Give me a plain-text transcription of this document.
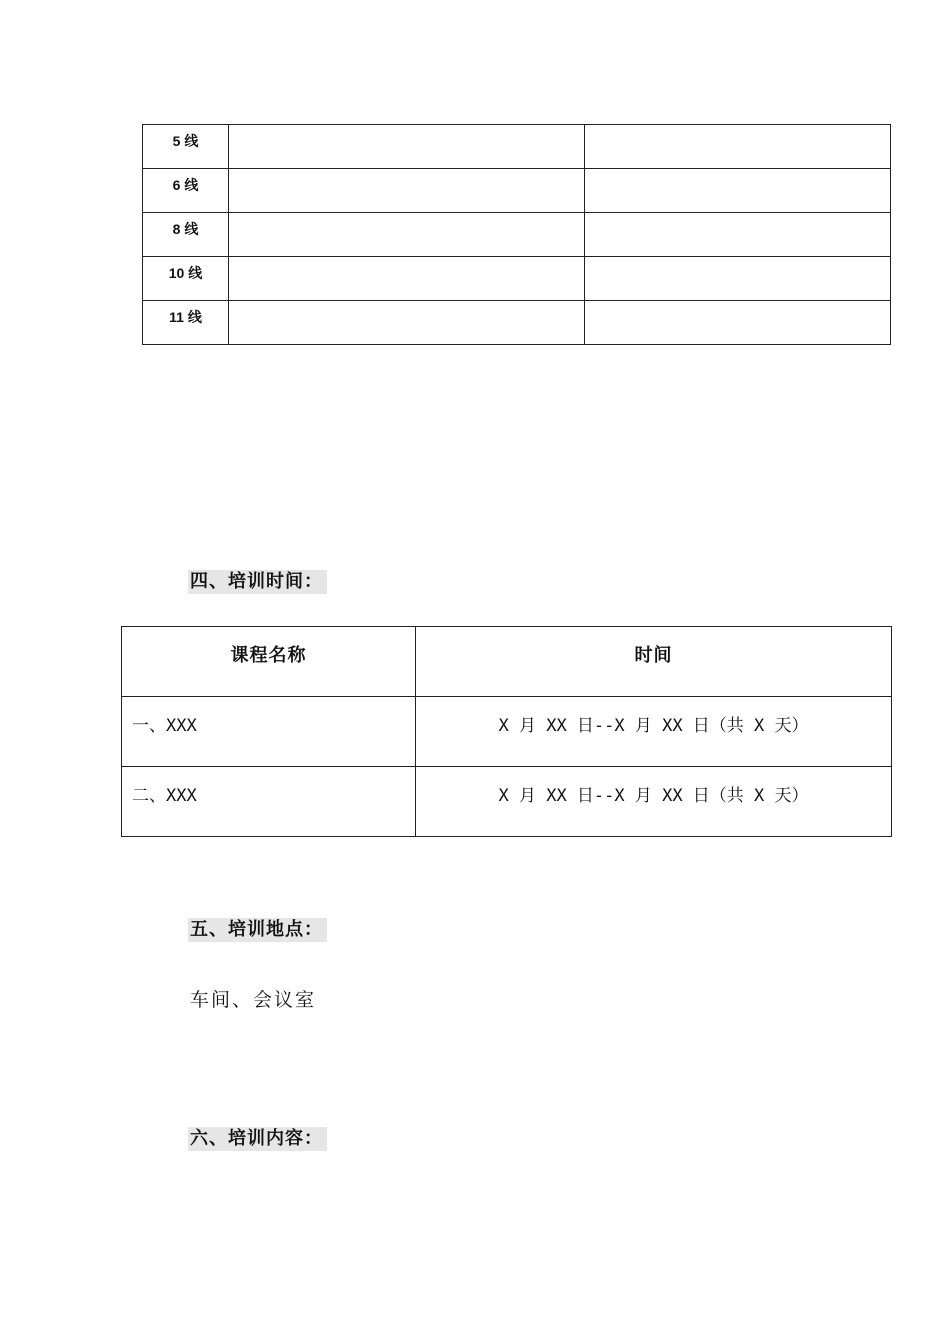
5 线		
6 线		
8 线		
10 线		
11 线		
四、培训时间：
课程名称	时间
一、XXX	X 月 XX 日--X 月 XX 日（共 X 天）
二、XXX	X 月 XX 日--X 月 XX 日（共 X 天）
五、培训地点：
车间、会议室
六、培训内容：
